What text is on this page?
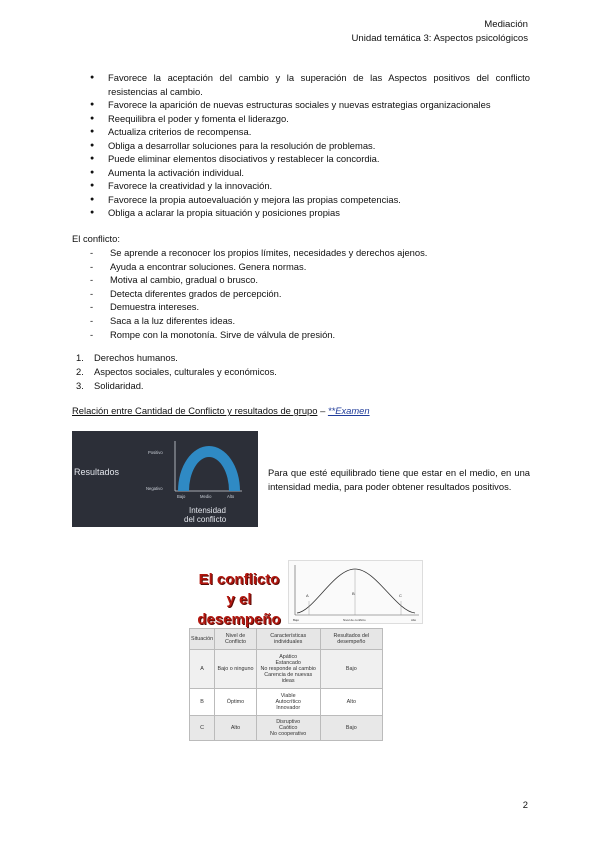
Mediación
Unidad temática 3: Aspectos psicológicos
● Favorece la aceptación del cambio y la superación de las Aspectos positivos del conflicto resistencias al cambio.
● Favorece la aparición de nuevas estructuras sociales y nuevas estrategias organizacionales
● Reequilibra el poder y fomenta el liderazgo.
● Actualiza criterios de recompensa.
● Obliga a desarrollar soluciones para la resolución de problemas.
● Puede eliminar elementos disociativos y restablecer la concordia.
● Aumenta la activación individual.
● Favorece la creatividad y la innovación.
● Favorece la propia autoevaluación y mejora las propias competencias.
● Obliga a aclarar la propia situación y posiciones propias
El conflicto:
- Se aprende a reconocer los propios límites, necesidades y derechos ajenos.
- Ayuda a encontrar soluciones. Genera normas.
- Motiva al cambio, gradual o brusco.
- Detecta diferentes grados de percepción.
- Demuestra intereses.
- Saca a la luz diferentes ideas.
- Rompe con la monotonía. Sirve de válvula de presión.
1. Derechos humanos.
2. Aspectos sociales, culturales y económicos.
3. Solidaridad.
Relación entre Cantidad de Conflicto y resultados de grupo – **Examen
Resultados
Positivo
Negativo
Bajo	Medio	Alto
Intensidad
del conflicto
Para que esté equilibrado tiene que estar en el medio, en una intensidad media, para poder obtener resultados positivos.
El conflicto
y el desempeño
A	B	C
Bajo	Nivel de conflicto	Alto
Situación	Nivel de Conflicto	Características individuales	Resultados del desempeño
A	Bajo o ninguno	Apático
Estancado
No responde al cambio
Carencia de nuevas ideas	Bajo
B	Óptimo	Viable
Autocrítico
Innovador	Alto
C	Alto	Disruptivo
Caótico
No cooperativo	Bajo
2
